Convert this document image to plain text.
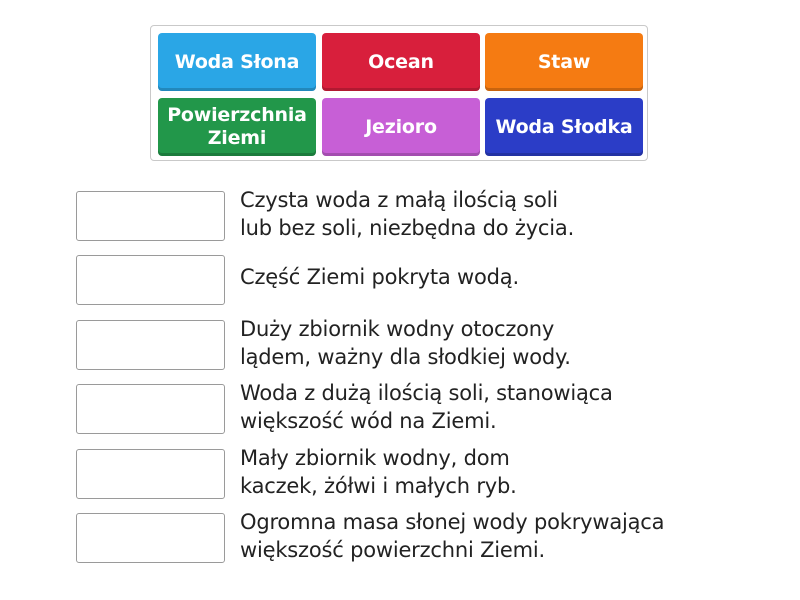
Woda Słona	Ocean	Staw
Powierzchnia
Ziemi
Jezioro	Woda Słodka
Czysta woda z małą ilością soli
lub bez soli, niezbędna do życia.
Część Ziemi pokryta wodą.
Duży zbiornik wodny otoczony
lądem, ważny dla słodkiej wody.
Woda z dużą ilością soli, stanowiąca
większość wód na Ziemi.
Mały zbiornik wodny, dom
kaczek, żółwi i małych ryb.
Ogromna masa słonej wody pokrywająca
większość powierzchni Ziemi.
